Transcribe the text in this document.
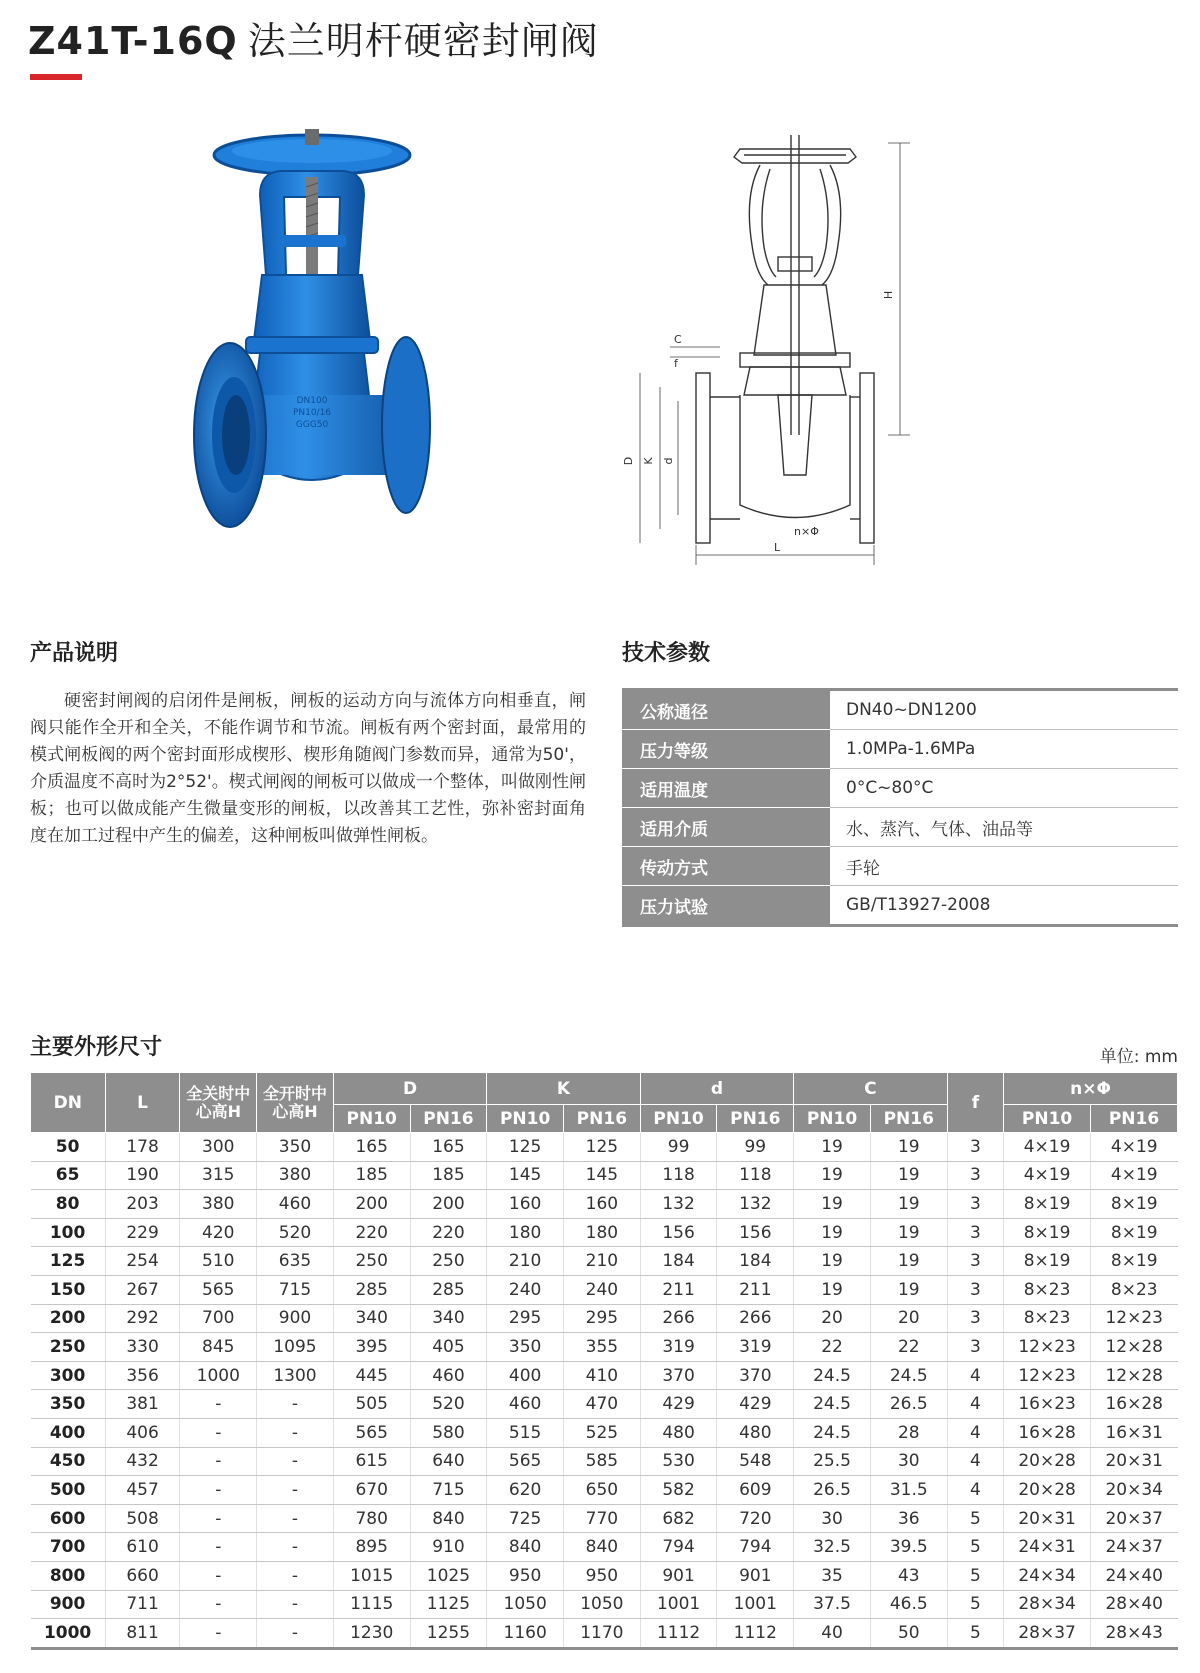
Z41T-16Q 法兰明杆硬密封闸阀
DN100
PN10/16
GGG50
H
C
f
D K d
L
n×Φ
产品说明

硬密封闸阀的启闭件是闸板，闸板的运动方向与流体方向相垂直，闸阀只能作全开和全关，不能作调节和节流。闸板有两个密封面，最常用的模式闸板阀的两个密封面形成楔形、楔形角随阀门参数而异，通常为50'，介质温度不高时为2°52'。楔式闸阀的闸板可以做成一个整体，叫做刚性闸板；也可以做成能产生微量变形的闸板，以改善其工艺性，弥补密封面角度在加工过程中产生的偏差，这种闸板叫做弹性闸板。

技术参数
公称通径	DN40~DN1200
压力等级	1.0MPa-1.6MPa
适用温度	0°C~80°C
适用介质	水、蒸汽、气体、油品等
传动方式	手轮
压力试验	GB/T13927-2008
主要外形尺寸	单位: mm
DN	L	全关时中心高H	全开时中心高H	D		K		d		C		f	n×Φ	
				PN10	PN16	PN10	PN16	PN10	PN16	PN10	PN16		PN10	PN16
50	178	300	350	165	165	125	125	99	99	19	19	3	4×19	4×19
65	190	315	380	185	185	145	145	118	118	19	19	3	4×19	4×19
80	203	380	460	200	200	160	160	132	132	19	19	3	8×19	8×19
100	229	420	520	220	220	180	180	156	156	19	19	3	8×19	8×19
125	254	510	635	250	250	210	210	184	184	19	19	3	8×19	8×19
150	267	565	715	285	285	240	240	211	211	19	19	3	8×23	8×23
200	292	700	900	340	340	295	295	266	266	20	20	3	8×23	12×23
250	330	845	1095	395	405	350	355	319	319	22	22	3	12×23	12×28
300	356	1000	1300	445	460	400	410	370	370	24.5	24.5	4	12×23	12×28
350	381	-	-	505	520	460	470	429	429	24.5	26.5	4	16×23	16×28
400	406	-	-	565	580	515	525	480	480	24.5	28	4	16×28	16×31
450	432	-	-	615	640	565	585	530	548	25.5	30	4	20×28	20×31
500	457	-	-	670	715	620	650	582	609	26.5	31.5	4	20×28	20×34
600	508	-	-	780	840	725	770	682	720	30	36	5	20×31	20×37
700	610	-	-	895	910	840	840	794	794	32.5	39.5	5	24×31	24×37
800	660	-	-	1015	1025	950	950	901	901	35	43	5	24×34	24×40
900	711	-	-	1115	1125	1050	1050	1001	1001	37.5	46.5	5	28×34	28×40
1000	811	-	-	1230	1255	1160	1170	1112	1112	40	50	5	28×37	28×43
